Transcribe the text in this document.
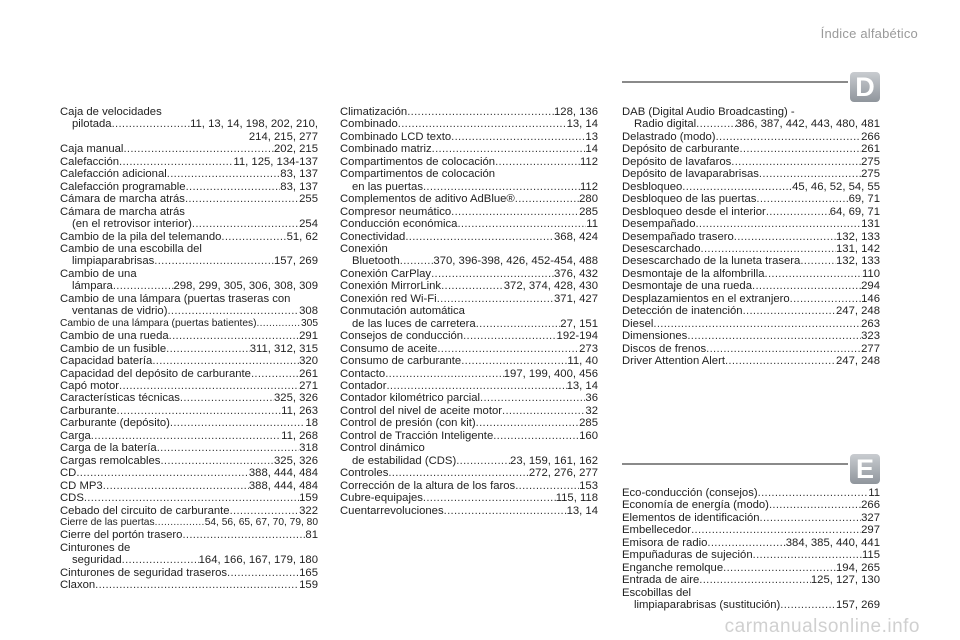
Índice alfabético
D
E
Caja de velocidades
pilotada .....	11, 13, 14, 198, 202, 210,
214, 215, 277
Caja manual .....	202, 215
Calefacción .....	11, 125, 134-137
Calefacción adicional .....	83, 137
Calefacción programable .....	83, 137
Cámara de marcha atrás .....	255
Cámara de marcha atrás
(en el retrovisor interior) .....	254
Cambio de la pila del telemando .....	51, 62
Cambio de una escobilla del
limpiaparabrisas .....	157, 269
Cambio de una
lámpara .....	298, 299, 305, 306, 308, 309
Cambio de una lámpara (puertas traseras con
ventanas de vidrio) .....	308
Cambio de una lámpara (puertas batientes) .....	305
Cambio de una rueda .....	291
Cambio de un fusible .....	311, 312, 315
Capacidad batería .....	320
Capacidad del depósito de carburante .....	261
Capó motor .....	271
Características técnicas .....	325, 326
Carburante .....	11, 263
Carburante (depósito) .....	18
Carga .....	11, 268
Carga de la batería .....	318
Cargas remolcables .....	325, 326
CD .....	388, 444, 484
CD MP3 .....	388, 444, 484
CDS .....	159
Cebado del circuito de carburante .....	322
Cierre de las puertas .....	54, 56, 65, 67, 70, 79, 80
Cierre del portón trasero .....	81
Cinturones de
seguridad .....	164, 166, 167, 179, 180
Cinturones de seguridad traseros .....	165
Claxon .....	159
Climatización .....	128, 136
Combinado .....	13, 14
Combinado LCD texto .....	13
Combinado matriz .....	14
Compartimentos de colocación .....	112
Compartimentos de colocación
en las puertas .....	112
Complementos de aditivo AdBlue® .....	280
Compresor neumático .....	285
Conducción económica .....	11
Conectividad .....	368, 424
Conexión
Bluetooth .....	370, 396-398, 426, 452-454, 488
Conexión CarPlay .....	376, 432
Conexión MirrorLink .....	372, 374, 428, 430
Conexión red Wi-Fi .....	371, 427
Conmutación automática
de las luces de carretera .....	27, 151
Consejos de conducción .....	192-194
Consumo de aceite .....	273
Consumo de carburante .....	11, 40
Contacto .....	197, 199, 400, 456
Contador .....	13, 14
Contador kilométrico parcial .....	36
Control del nivel de aceite motor .....	32
Control de presión (con kit) .....	285
Control de Tracción Inteligente .....	160
Control dinámico
de estabilidad (CDS) .....	23, 159, 161, 162
Controles .....	272, 276, 277
Corrección de la altura de los faros .....	153
Cubre-equipajes .....	115, 118
Cuentarrevoluciones .....	13, 14
DAB (Digital Audio Broadcasting) -
Radio digital .....	386, 387, 442, 443, 480, 481
Delastrado (modo) .....	266
Depósito de carburante .....	261
Depósito de lavafaros .....	275
Depósito de lavaparabrisas .....	275
Desbloqueo .....	45, 46, 52, 54, 55
Desbloqueo de las puertas .....	69, 71
Desbloqueo desde el interior .....	64, 69, 71
Desempañado .....	131
Desempañado trasero .....	132, 133
Desescarchado .....	131, 142
Desescarchado de la luneta trasera .....	132, 133
Desmontaje de la alfombrilla .....	110
Desmontaje de una rueda .....	294
Desplazamientos en el extranjero .....	146
Detección de inatención .....	247, 248
Diesel .....	263
Dimensiones .....	323
Discos de frenos .....	277
Driver Attention Alert .....	247, 248
Eco-conducción (consejos) .....	11
Economía de energía (modo) .....	266
Elementos de identificación .....	327
Embellecedor .....	297
Emisora de radio .....	384, 385, 440, 441
Empuñaduras de sujeción .....	115
Enganche remolque .....	194, 265
Entrada de aire .....	125, 127, 130
Escobillas del
limpiaparabrisas (sustitución) .....	157, 269
carmanualsonline.info
